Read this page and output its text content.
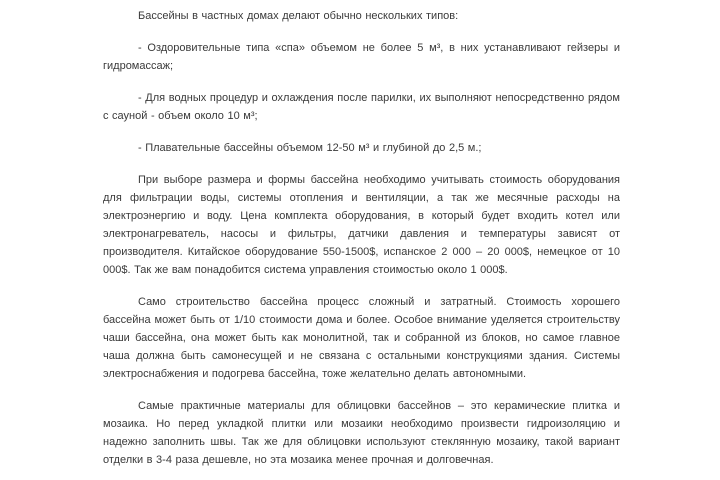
Бассейны в частных домах делают обычно нескольких типов:

- Оздоровительные типа «спа» объемом не более 5 м³, в них устанавливают гейзеры и гидромассаж;

- Для водных процедур и охлаждения после парилки, их выполняют непосредственно рядом с сауной - объем около 10 м³;

- Плавательные бассейны объемом 12-50 м³ и глубиной до 2,5 м.;

При выборе размера и формы бассейна необходимо учитывать стоимость оборудования для фильтрации воды, системы отопления и вентиляции, а так же месячные расходы на электроэнергию и воду. Цена комплекта оборудования, в который будет входить котел или электронагреватель, насосы и фильтры, датчики давления и температуры зависят от производителя. Китайское оборудование 550-1500$, испанское 2 000 – 20 000$, немецкое от 10 000$. Так же вам понадобится система управления стоимостью около 1 000$.

Само строительство бассейна процесс сложный и затратный. Стоимость хорошего бассейна может быть от 1/10 стоимости дома и более. Особое внимание уделяется строительству чаши бассейна, она может быть как монолитной, так и собранной из блоков, но самое главное чаша должна быть самонесущей и не связана с остальными конструкциями здания. Системы электроснабжения и подогрева бассейна, тоже желательно делать автономными.

Самые практичные материалы для облицовки бассейнов – это керамические плитка и мозаика. Но перед укладкой плитки или мозаики необходимо произвести гидроизоляцию и надежно заполнить швы. Так же для облицовки используют стеклянную мозаику, такой вариант отделки в 3-4 раза дешевле, но эта мозаика менее прочная и долговечная.
